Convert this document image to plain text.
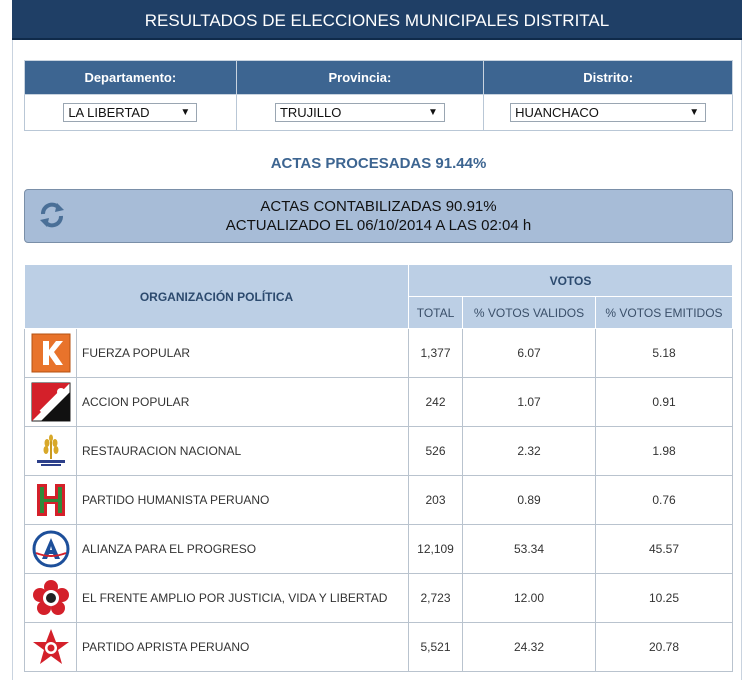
RESULTADOS DE ELECCIONES MUNICIPALES DISTRITAL
Departamento:	Provincia:	Distrito:
LA LIBERTAD ▼	TRUJILLO ▼	HUANCHACO ▼
ACTAS PROCESADAS 91.44%
ACTAS CONTABILIZADAS 90.91%
ACTUALIZADO EL 06/10/2014 A LAS 02:04 h
ORGANIZACIÓN POLÍTICA		VOTOS		
		TOTAL	% VOTOS VALIDOS	% VOTOS EMITIDOS

	FUERZA POPULAR	1,377	6.07	5.18

	ACCION POPULAR	242	1.07	0.91

	RESTAURACION NACIONAL	526	2.32	1.98

	PARTIDO HUMANISTA PERUANO	203	0.89	0.76

	ALIANZA PARA EL PROGRESO	12,109	53.34	45.57

	EL FRENTE AMPLIO POR JUSTICIA, VIDA Y LIBERTAD	2,723	12.00	10.25

	PARTIDO APRISTA PERUANO	5,521	24.32	20.78
